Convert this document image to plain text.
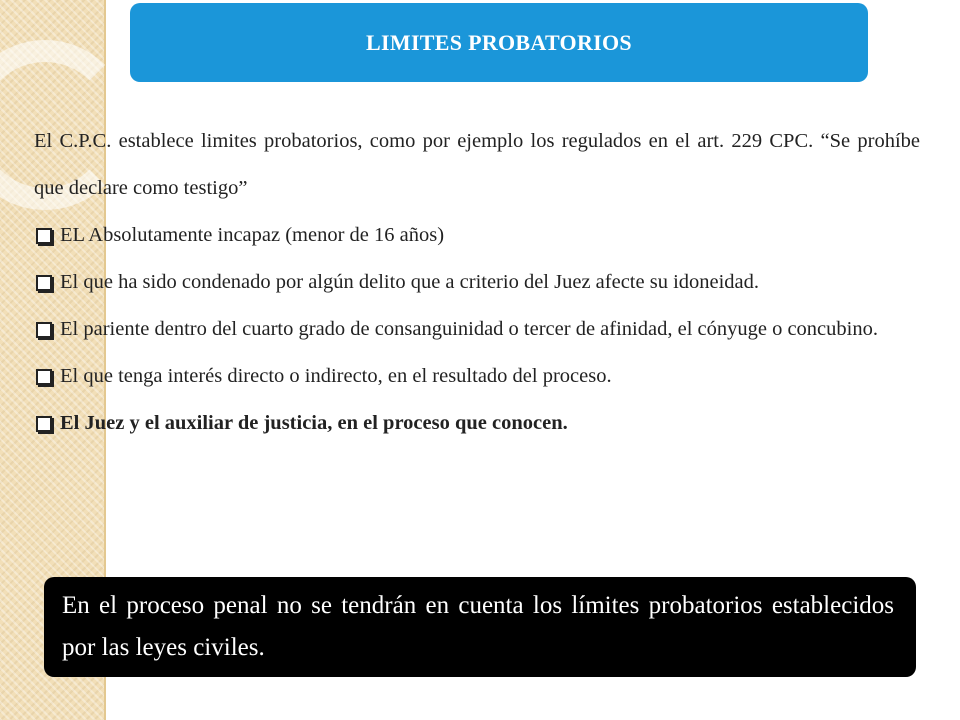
LIMITES PROBATORIOS

El C.P.C. establece limites probatorios, como por ejemplo los regulados en el art. 229 CPC. “Se prohíbe que declare como testigo”

EL Absolutamente incapaz (menor de 16 años)
El que ha sido condenado por algún delito que a criterio del Juez afecte su idoneidad.
El pariente dentro del cuarto grado de consanguinidad o tercer de afinidad, el cónyuge o concubino.
El que tenga interés directo o indirecto, en el resultado del proceso.
El Juez y el auxiliar de justicia, en el proceso que conocen.

En el proceso penal no se tendrán en cuenta los límites probatorios establecidos por las leyes civiles.
